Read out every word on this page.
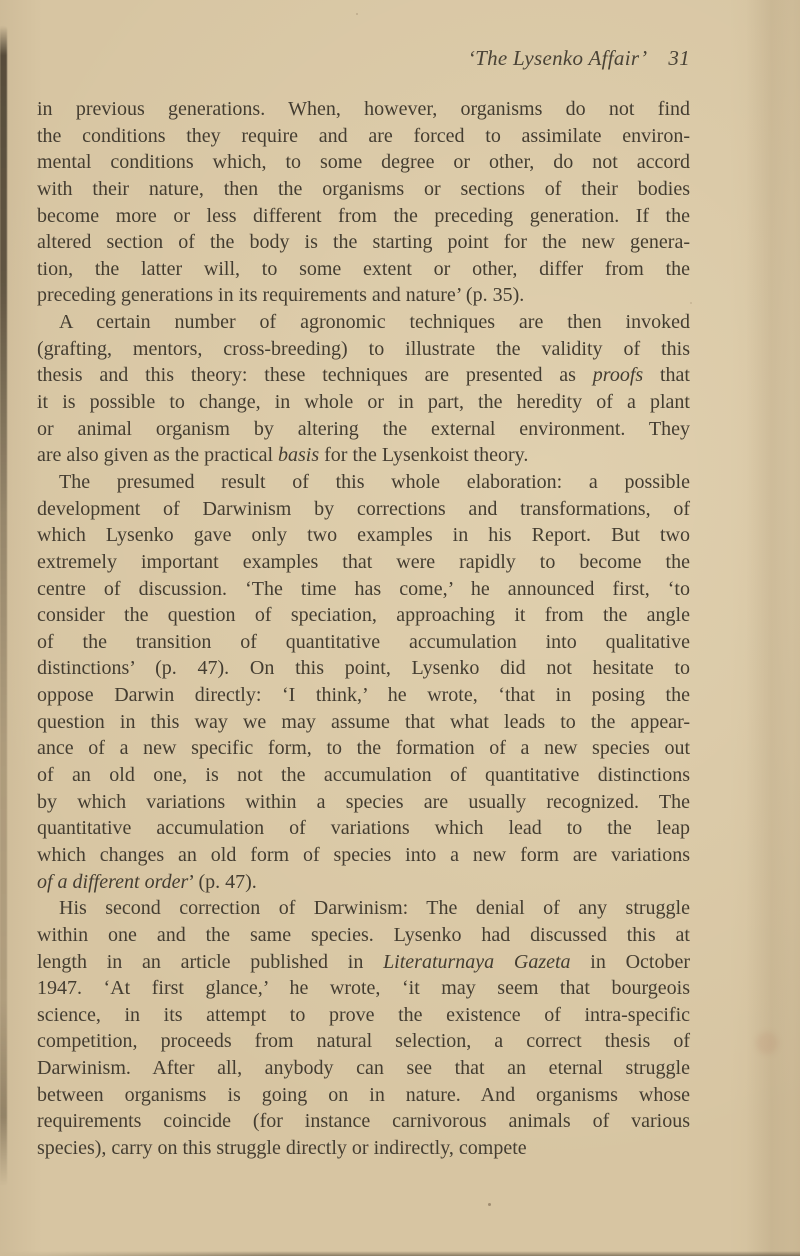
‘The Lysenko Affair’ 31
in previous generations. When, however, organisms do not find
the conditions they require and are forced to assimilate environ-
mental conditions which, to some degree or other, do not accord
with their nature, then the organisms or sections of their bodies
become more or less different from the preceding generation. If the
altered section of the body is the starting point for the new genera-
tion, the latter will, to some extent or other, differ from the
preceding generations in its requirements and nature’ (p. 35).
A certain number of agronomic techniques are then invoked
(grafting, mentors, cross-breeding) to illustrate the validity of this
thesis and this theory: these techniques are presented as proofs that
it is possible to change, in whole or in part, the heredity of a plant
or animal organism by altering the external environment. They
are also given as the practical basis for the Lysenkoist theory.
The presumed result of this whole elaboration: a possible
development of Darwinism by corrections and transformations, of
which Lysenko gave only two examples in his Report. But two
extremely important examples that were rapidly to become the
centre of discussion. ‘The time has come,’ he announced first, ‘to
consider the question of speciation, approaching it from the angle
of the transition of quantitative accumulation into qualitative
distinctions’ (p. 47). On this point, Lysenko did not hesitate to
oppose Darwin directly: ‘I think,’ he wrote, ‘that in posing the
question in this way we may assume that what leads to the appear-
ance of a new specific form, to the formation of a new species out
of an old one, is not the accumulation of quantitative distinctions
by which variations within a species are usually recognized. The
quantitative accumulation of variations which lead to the leap
which changes an old form of species into a new form are variations
of a different order’ (p. 47).
His second correction of Darwinism: The denial of any struggle
within one and the same species. Lysenko had discussed this at
length in an article published in Literaturnaya Gazeta in October
1947. ‘At first glance,’ he wrote, ‘it may seem that bourgeois
science, in its attempt to prove the existence of intra-specific
competition, proceeds from natural selection, a correct thesis of
Darwinism. After all, anybody can see that an eternal struggle
between organisms is going on in nature. And organisms whose
requirements coincide (for instance carnivorous animals of various
species), carry on this struggle directly or indirectly, compete
